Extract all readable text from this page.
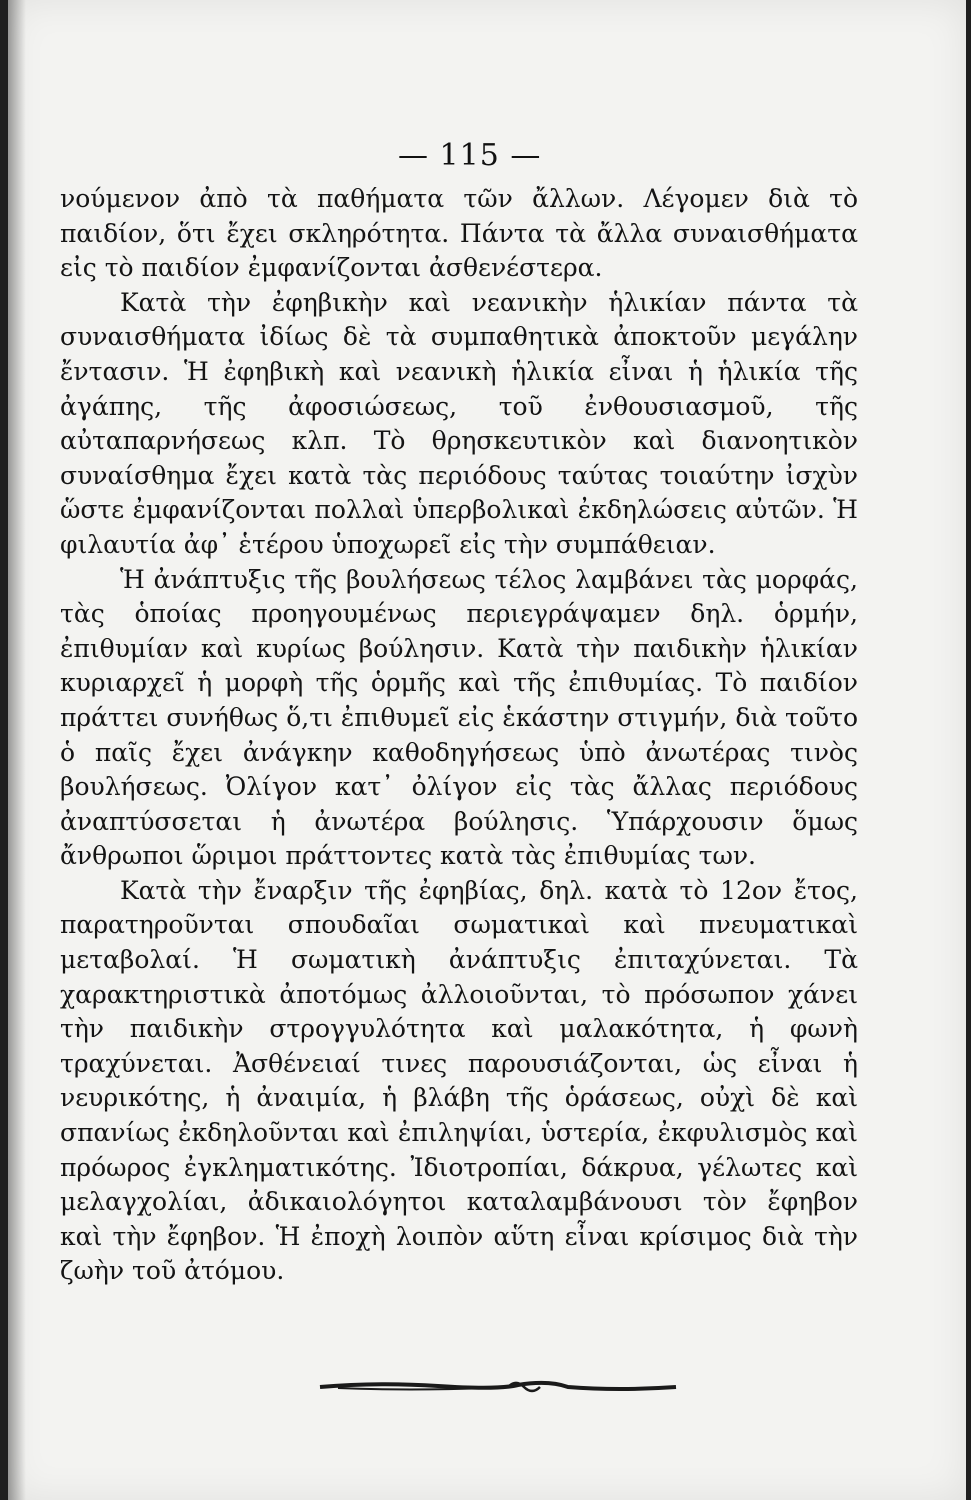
— 115 —

νούμενον ἀπὸ τὰ παθήματα τῶν ἄλλων. Λέγομεν διὰ τὸ παιδίον, ὅτι ἔχει σκληρότητα. Πάντα τὰ ἄλλα συναισθήματα εἰς τὸ παιδίον ἐμφανίζονται ἀσθενέστερα.

Κατὰ τὴν ἐφηβικὴν καὶ νεανικὴν ἡλικίαν πάντα τὰ συναισθήματα ἰδίως δὲ τὰ συμπαθητικὰ ἀποκτοῦν μεγάλην ἔντασιν. Ἡ ἐφηβικὴ καὶ νεανικὴ ἡλικία εἶναι ἡ ἡλικία τῆς ἀγάπης, τῆς ἀφοσιώσεως, τοῦ ἐνθουσιασμοῦ, τῆς αὐταπαρνήσεως κλπ. Τὸ θρησκευτικὸν καὶ διανοητικὸν συναίσθημα ἔχει κατὰ τὰς περιόδους ταύτας τοιαύτην ἰσχὺν ὥστε ἐμφανίζονται πολλαὶ ὑπερβολικαὶ ἐκδηλώσεις αὐτῶν. Ἡ φιλαυτία ἀφ᾽ ἑτέρου ὑποχωρεῖ εἰς τὴν συμπάθειαν.

Ἡ ἀνάπτυξις τῆς βουλήσεως τέλος λαμβάνει τὰς μορφάς, τὰς ὁποίας προηγουμένως περιεγράψαμεν δηλ. ὁρμήν, ἐπιθυμίαν καὶ κυρίως βούλησιν. Κατὰ τὴν παιδικὴν ἡλικίαν κυριαρχεῖ ἡ μορφὴ τῆς ὁρμῆς καὶ τῆς ἐπιθυμίας. Τὸ παιδίον πράττει συνήθως ὅ,τι ἐπιθυμεῖ εἰς ἑκάστην στιγμήν, διὰ τοῦτο ὁ παῖς ἔχει ἀνάγκην καθοδηγήσεως ὑπὸ ἀνωτέρας τινὸς βουλήσεως. Ὀλίγον κατ᾽ ὀλίγον εἰς τὰς ἄλλας περιόδους ἀναπτύσσεται ἡ ἀνωτέρα βούλησις. Ὑπάρχουσιν ὅμως ἄνθρωποι ὥριμοι πράττοντες κατὰ τὰς ἐπιθυμίας των.

Κατὰ τὴν ἔναρξιν τῆς ἐφηβίας, δηλ. κατὰ τὸ 12ον ἔτος, παρατηροῦνται σπουδαῖαι σωματικαὶ καὶ πνευματικαὶ μεταβολαί. Ἡ σωματικὴ ἀνάπτυξις ἐπιταχύνεται. Τὰ χαρακτηριστικὰ ἀποτόμως ἀλλοιοῦνται, τὸ πρόσωπον χάνει τὴν παιδικὴν στρογγυλότητα καὶ μαλακότητα, ἡ φωνὴ τραχύνεται. Ἀσθένειαί τινες παρουσιάζονται, ὡς εἶναι ἡ νευρικότης, ἡ ἀναιμία, ἡ βλάβη τῆς ὁράσεως, οὐχὶ δὲ καὶ σπανίως ἐκδηλοῦνται καὶ ἐπιληψίαι, ὑστερία, ἐκφυλισμὸς καὶ πρόωρος ἐγκληματικότης. Ἰδιοτροπίαι, δάκρυα, γέλωτες καὶ μελαγχολίαι, ἀδικαιολόγητοι καταλαμβάνουσι τὸν ἔφηβον καὶ τὴν ἔφηβον. Ἡ ἐποχὴ λοιπὸν αὕτη εἶναι κρίσιμος διὰ τὴν ζωὴν τοῦ ἀτόμου.
